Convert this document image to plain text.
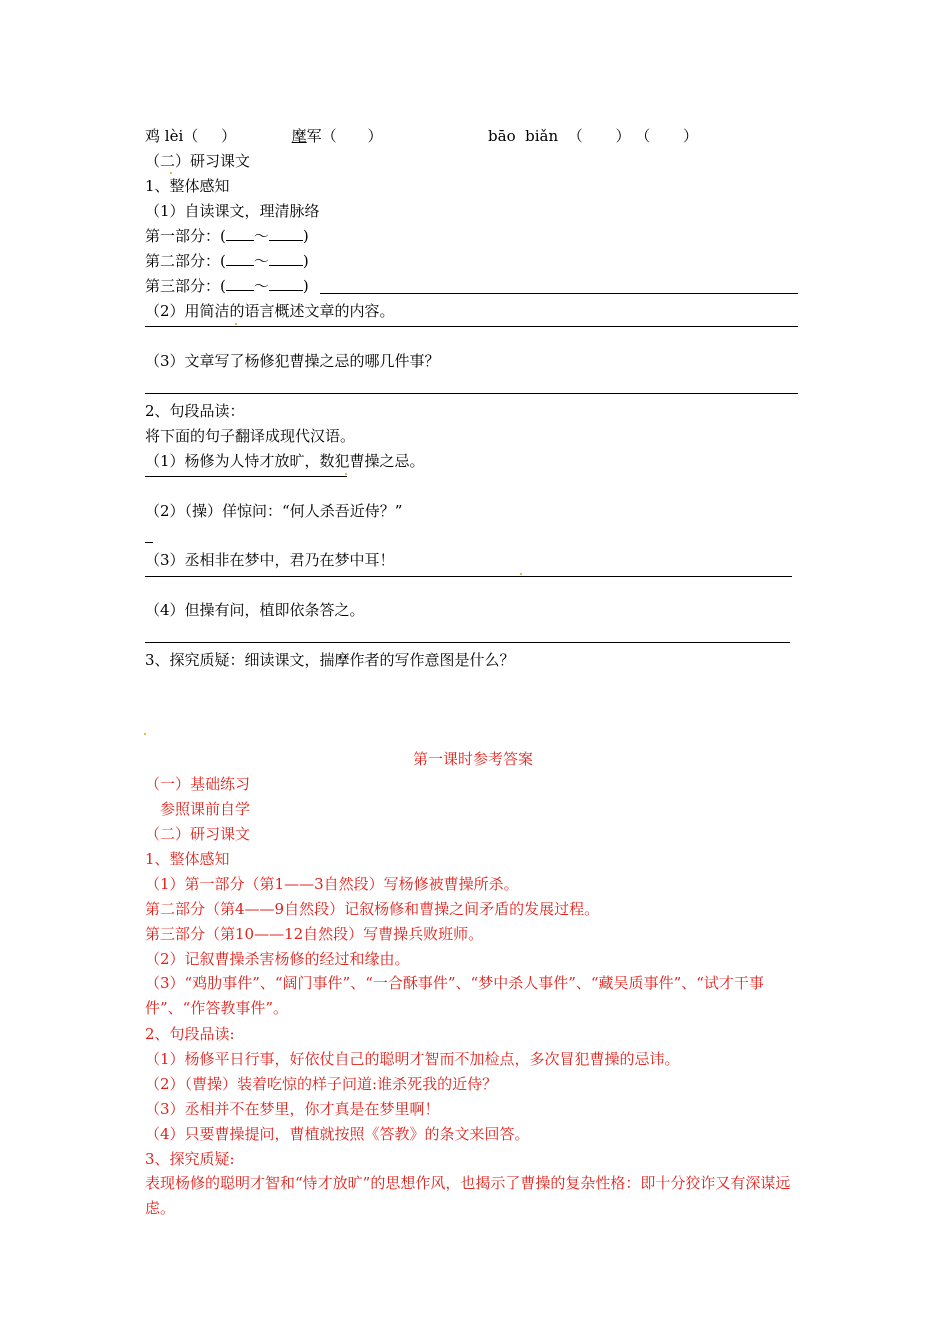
鸡 lèi（ ）	麾军（ ）	bāo biǎn  （ ） （ ）
（二）研习课文
1、整体感知
（1）自读课文，理清脉络
第一部分：( ～ )
第二部分：( ～ )
第三部分：( ～ )
（2）用简洁的语言概述文章的内容。
（3）文章写了杨修犯曹操之忌的哪几件事？
2、句段品读：
将下面的句子翻译成现代汉语。
（1）杨修为人恃才放旷，数犯曹操之忌。
（2）（操）佯惊问：“何人杀吾近侍？”
（3）丞相非在梦中，君乃在梦中耳！
（4）但操有问，植即依条答之。
3、探究质疑：细读课文，揣摩作者的写作意图是什么？
第一课时参考答案
（一）基础练习
参照课前自学
（二）研习课文
1、整体感知
（1）第一部分（第1——3自然段）写杨修被曹操所杀。
第二部分（第4——9自然段）记叙杨修和曹操之间矛盾的发展过程。
第三部分（第10——12自然段）写曹操兵败班师。
（2）记叙曹操杀害杨修的经过和缘由。
（3）“鸡肋事件”、“阔门事件”、“一合酥事件”、“梦中杀人事件”、“藏吴质事件”、“试才干事件”、“作答教事件”。
2、句段品读:
（1）杨修平日行事，好依仗自己的聪明才智而不加检点，多次冒犯曹操的忌讳。
（2）（曹操）装着吃惊的样子问道:谁杀死我的近侍？
（3）丞相并不在梦里，你才真是在梦里啊！
（4）只要曹操提问，曹植就按照《答教》的条文来回答。
3、探究质疑:
表现杨修的聪明才智和“恃才放旷”的思想作风，也揭示了曹操的复杂性格：即十分狡诈又有深谋远虑。
